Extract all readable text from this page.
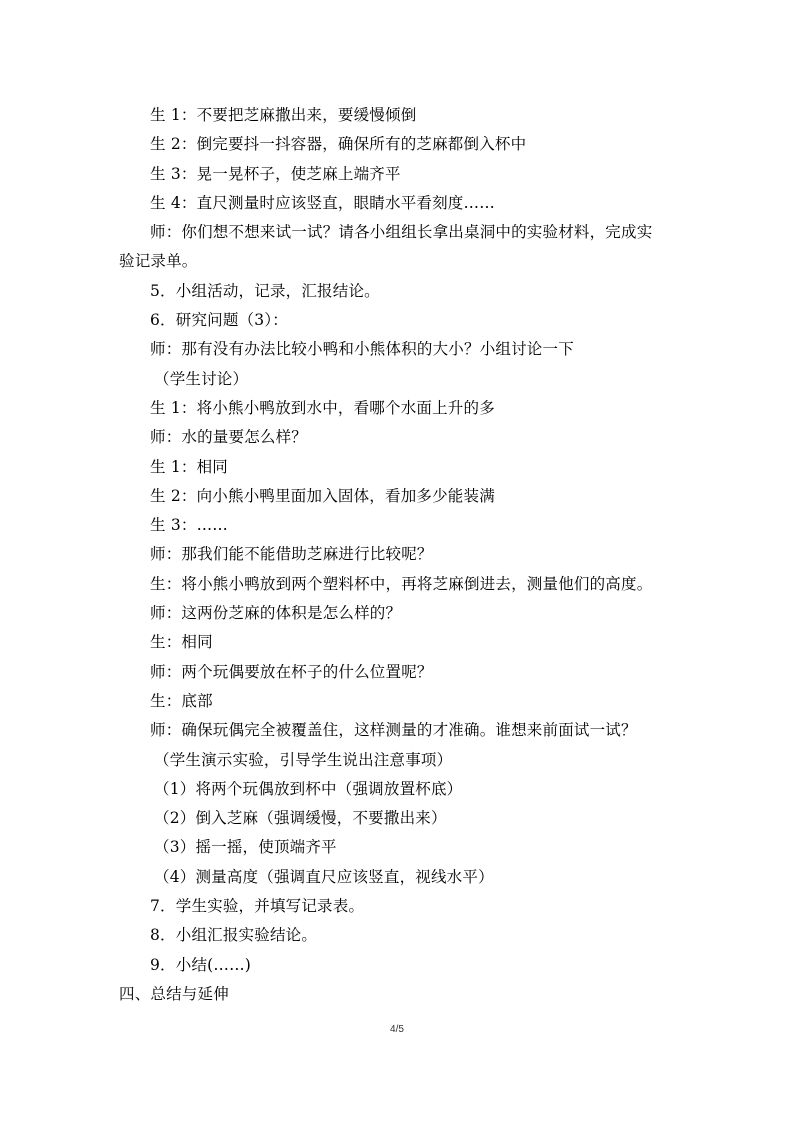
生 1：不要把芝麻撒出来，要缓慢倾倒
生 2：倒完要抖一抖容器，确保所有的芝麻都倒入杯中
生 3：晃一晃杯子，使芝麻上端齐平
生 4：直尺测量时应该竖直，眼睛水平看刻度……
师：你们想不想来试一试？请各小组组长拿出桌洞中的实验材料，完成实
验记录单。
5．小组活动，记录，汇报结论。
6．研究问题（3）：
师：那有没有办法比较小鸭和小熊体积的大小？小组讨论一下
（学生讨论）
生 1：将小熊小鸭放到水中，看哪个水面上升的多
师：水的量要怎么样？
生 1：相同
生 2：向小熊小鸭里面加入固体，看加多少能装满
生 3：……
师：那我们能不能借助芝麻进行比较呢？
生：将小熊小鸭放到两个塑料杯中，再将芝麻倒进去，测量他们的高度。
师：这两份芝麻的体积是怎么样的？
生：相同
师：两个玩偶要放在杯子的什么位置呢？
生：底部
师：确保玩偶完全被覆盖住，这样测量的才准确。谁想来前面试一试？
（学生演示实验，引导学生说出注意事项）
（1）将两个玩偶放到杯中（强调放置杯底）
（2）倒入芝麻（强调缓慢，不要撒出来）
（3）摇一摇，使顶端齐平
（4）测量高度（强调直尺应该竖直，视线水平）
7．学生实验，并填写记录表。
8．小组汇报实验结论。
9．小结(……)
四、总结与延伸
4/5
